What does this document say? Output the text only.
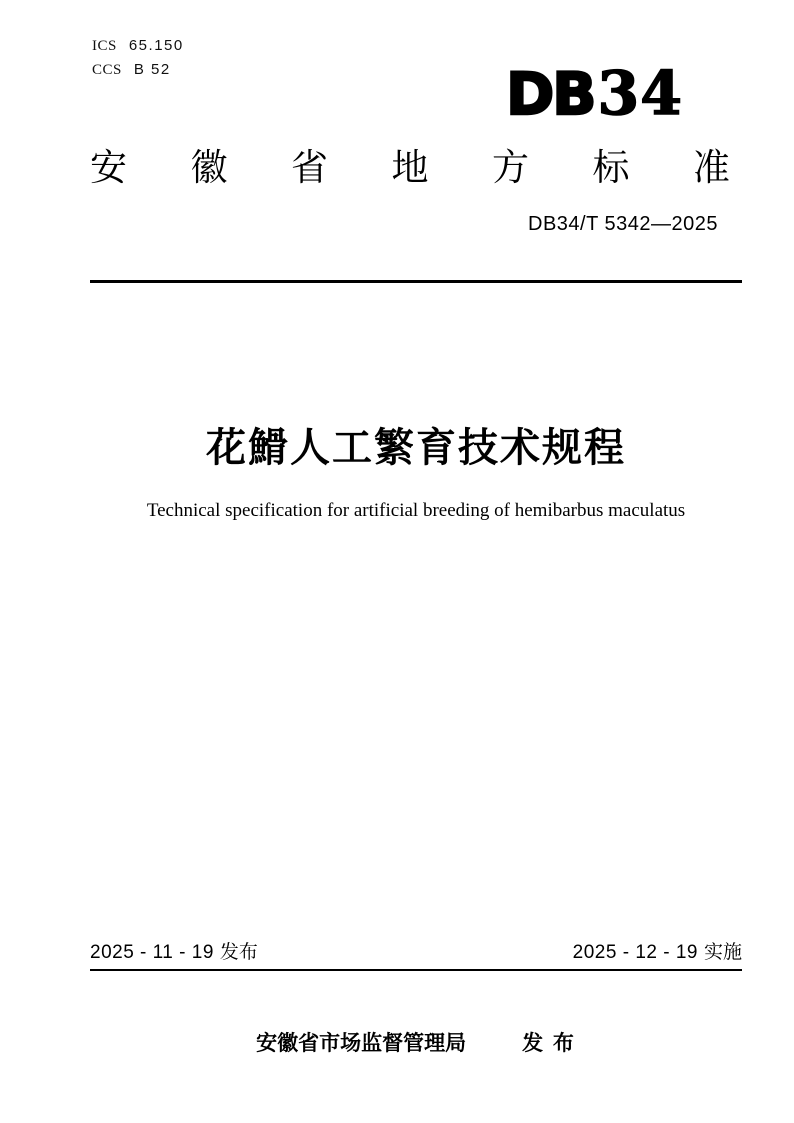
ICS 65.150
CCS B 52	DB34
安 徽 省 地 方 标 准
DB34/T 5342—2025
花䱻人工繁育技术规程
Technical specification for artificial breeding of hemibarbus maculatus
2025 - 11 - 19 发布	2025 - 12 - 19 实施
安徽省市场监督管理局	发 布
